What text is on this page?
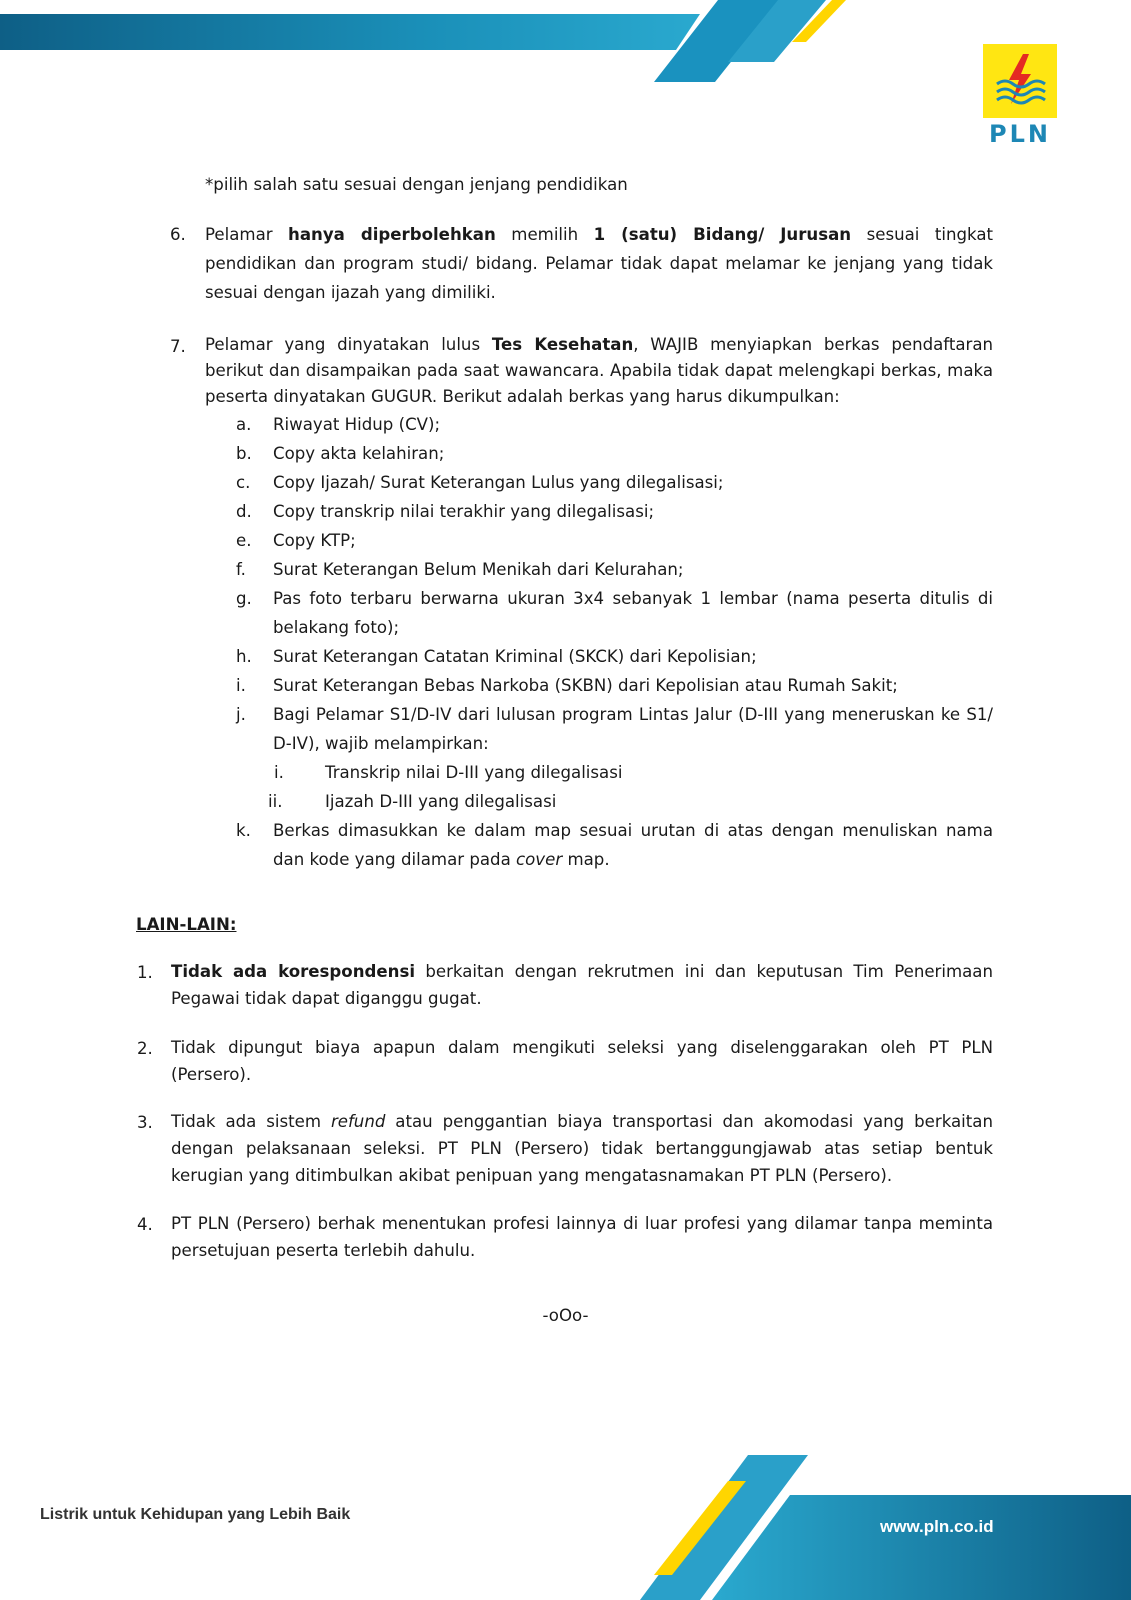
PLN
*pilih salah satu sesuai dengan jenjang pendidikan
6. Pelamar hanya diperbolehkan memilih 1 (satu) Bidang/ Jurusan sesuai tingkat pendidikan dan program studi/ bidang. Pelamar tidak dapat melamar ke jenjang yang tidak sesuai dengan ijazah yang dimiliki.
7. Pelamar yang dinyatakan lulus Tes Kesehatan, WAJIB menyiapkan berkas pendaftaran berikut dan disampaikan pada saat wawancara. Apabila tidak dapat melengkapi berkas, maka peserta dinyatakan GUGUR. Berikut adalah berkas yang harus dikumpulkan:
a. Riwayat Hidup (CV);
b. Copy akta kelahiran;
c. Copy Ijazah/ Surat Keterangan Lulus yang dilegalisasi;
d. Copy transkrip nilai terakhir yang dilegalisasi;
e. Copy KTP;
f. Surat Keterangan Belum Menikah dari Kelurahan;
g. Pas foto terbaru berwarna ukuran 3x4 sebanyak 1 lembar (nama peserta ditulis di belakang foto);
h. Surat Keterangan Catatan Kriminal (SKCK) dari Kepolisian;
i. Surat Keterangan Bebas Narkoba (SKBN) dari Kepolisian atau Rumah Sakit;
j. Bagi Pelamar S1/D-IV dari lulusan program Lintas Jalur (D-III yang meneruskan ke S1/ D-IV), wajib melampirkan:
i. Transkrip nilai D-III yang dilegalisasi
ii.	Ijazah D-III yang dilegalisasi
k. Berkas dimasukkan ke dalam map sesuai urutan di atas dengan menuliskan nama dan kode yang dilamar pada cover map.
LAIN-LAIN:
1. Tidak ada korespondensi berkaitan dengan rekrutmen ini dan keputusan Tim Penerimaan Pegawai tidak dapat diganggu gugat.
2. Tidak dipungut biaya apapun dalam mengikuti seleksi yang diselenggarakan oleh PT PLN (Persero).
3. Tidak ada sistem refund atau penggantian biaya transportasi dan akomodasi yang berkaitan dengan pelaksanaan seleksi. PT PLN (Persero) tidak bertanggungjawab atas setiap bentuk kerugian yang ditimbulkan akibat penipuan yang mengatasnamakan PT PLN (Persero).
4. PT PLN (Persero) berhak menentukan profesi lainnya di luar profesi yang dilamar tanpa meminta persetujuan peserta terlebih dahulu.
-oOo-
Listrik untuk Kehidupan yang Lebih Baik
www.pln.co.id
